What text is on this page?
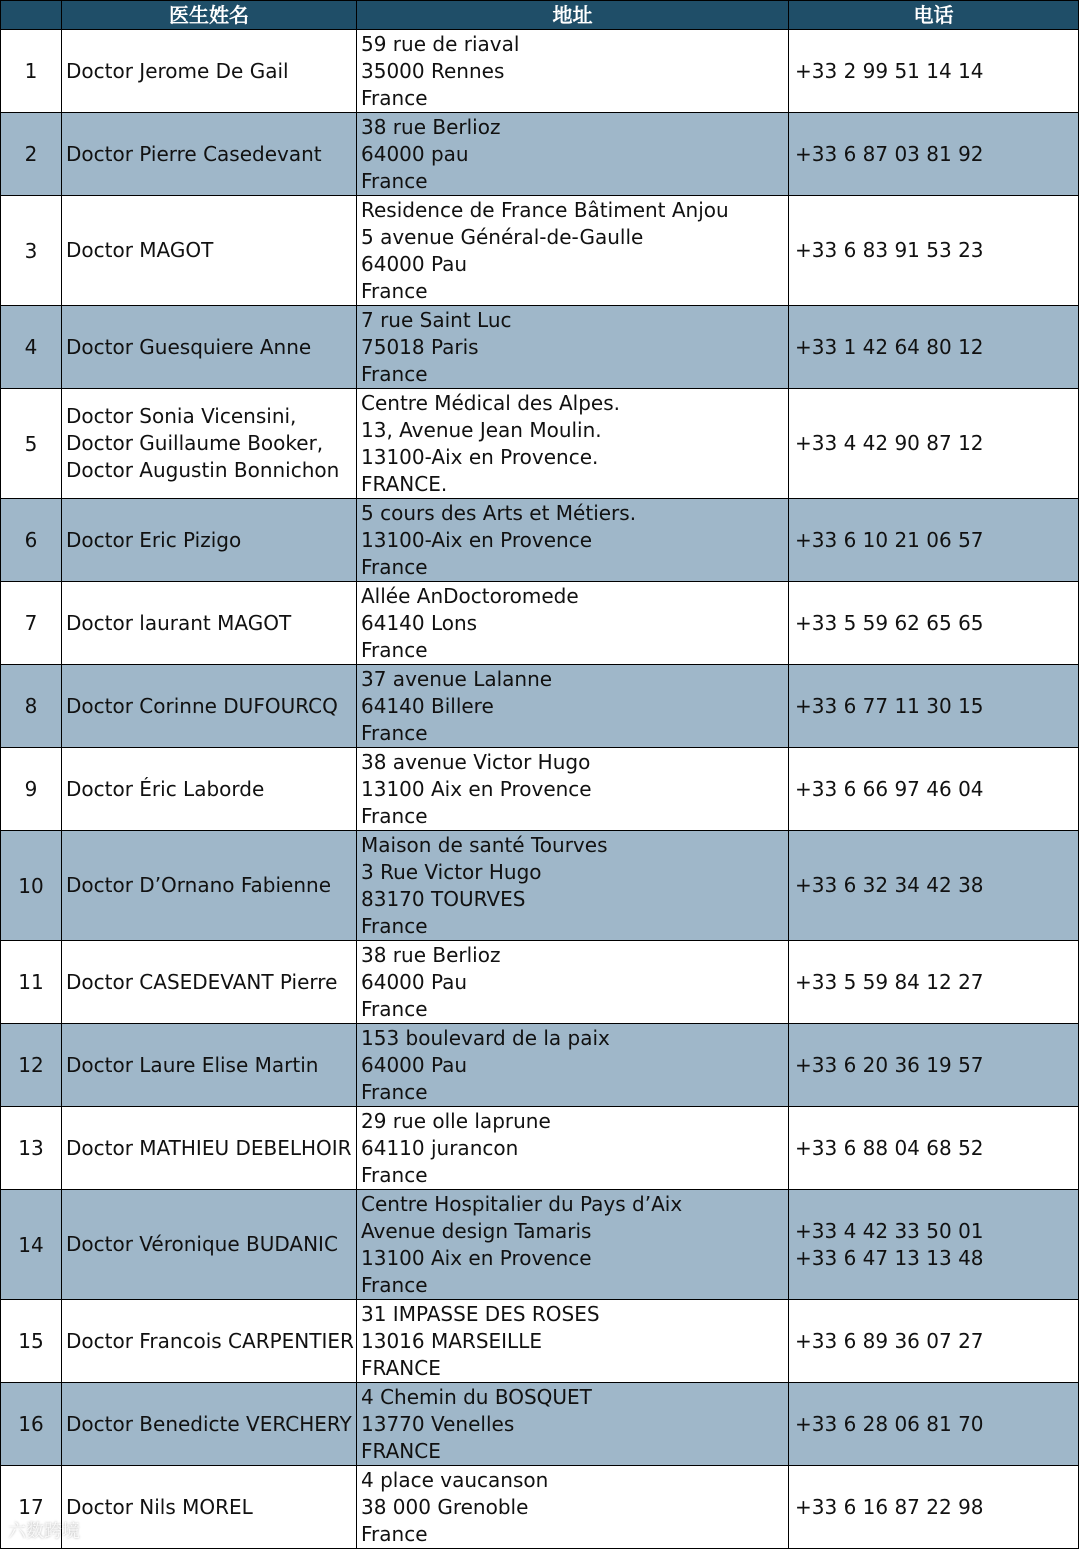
	医生姓名	地址	电话
1	Doctor Jerome De Gail	59 rue de riaval
35000 Rennes
France	+33 2 99 51 14 14

2	Doctor Pierre Casedevant	38 rue Berlioz
64000 pau
France	+33 6 87 03 81 92

3	Doctor MAGOT	Residence de France Bâtiment Anjou
5 avenue Général-de-Gaulle
64000 Pau
France	+33 6 83 91 53 23

4	Doctor Guesquiere Anne	7 rue Saint Luc
75018 Paris
France	+33 1 42 64 80 12

5	Doctor Sonia Vicensini,
Doctor Guillaume Booker,
Doctor Augustin Bonnichon	Centre Médical des Alpes.
13, Avenue Jean Moulin.
13100-Aix en Provence.
FRANCE.	+33 4 42 90 87 12

6	Doctor Eric Pizigo	5 cours des Arts et Métiers.
13100-Aix en Provence
France	+33 6 10 21 06 57

7	Doctor laurant MAGOT	Allée AnDoctoromede
64140 Lons
France	+33 5 59 62 65 65

8	Doctor Corinne DUFOURCQ	37 avenue Lalanne
64140 Billere
France	+33 6 77 11 30 15

9	Doctor Éric Laborde	38 avenue Victor Hugo
13100 Aix en Provence
France	+33 6 66 97 46 04

10	Doctor D’Ornano Fabienne	Maison de santé Tourves
3 Rue Victor Hugo
83170 TOURVES
France	+33 6 32 34 42 38

11	Doctor CASEDEVANT Pierre	38 rue Berlioz
64000 Pau
France	+33 5 59 84 12 27

12	Doctor Laure Elise Martin	153 boulevard de la paix
64000 Pau
France	+33 6 20 36 19 57

13	Doctor MATHIEU DEBELHOIR	29 rue olle laprune
64110 jurancon
France	+33 6 88 04 68 52

14	Doctor Véronique BUDANIC	Centre Hospitalier du Pays d’Aix
Avenue design Tamaris
13100 Aix en Provence
France	+33 4 42 33 50 01
+33 6 47 13 13 48

15	Doctor Francois CARPENTIER	31 IMPASSE DES ROSES
13016 MARSEILLE
FRANCE	+33 6 89 36 07 27

16	Doctor Benedicte VERCHERY	4 Chemin du BOSQUET
13770 Venelles
FRANCE	+33 6 28 06 81 70

17	Doctor Nils MOREL	4 place vaucanson
38 000 Grenoble
France	+33 6 16 87 22 98
六数跨境
